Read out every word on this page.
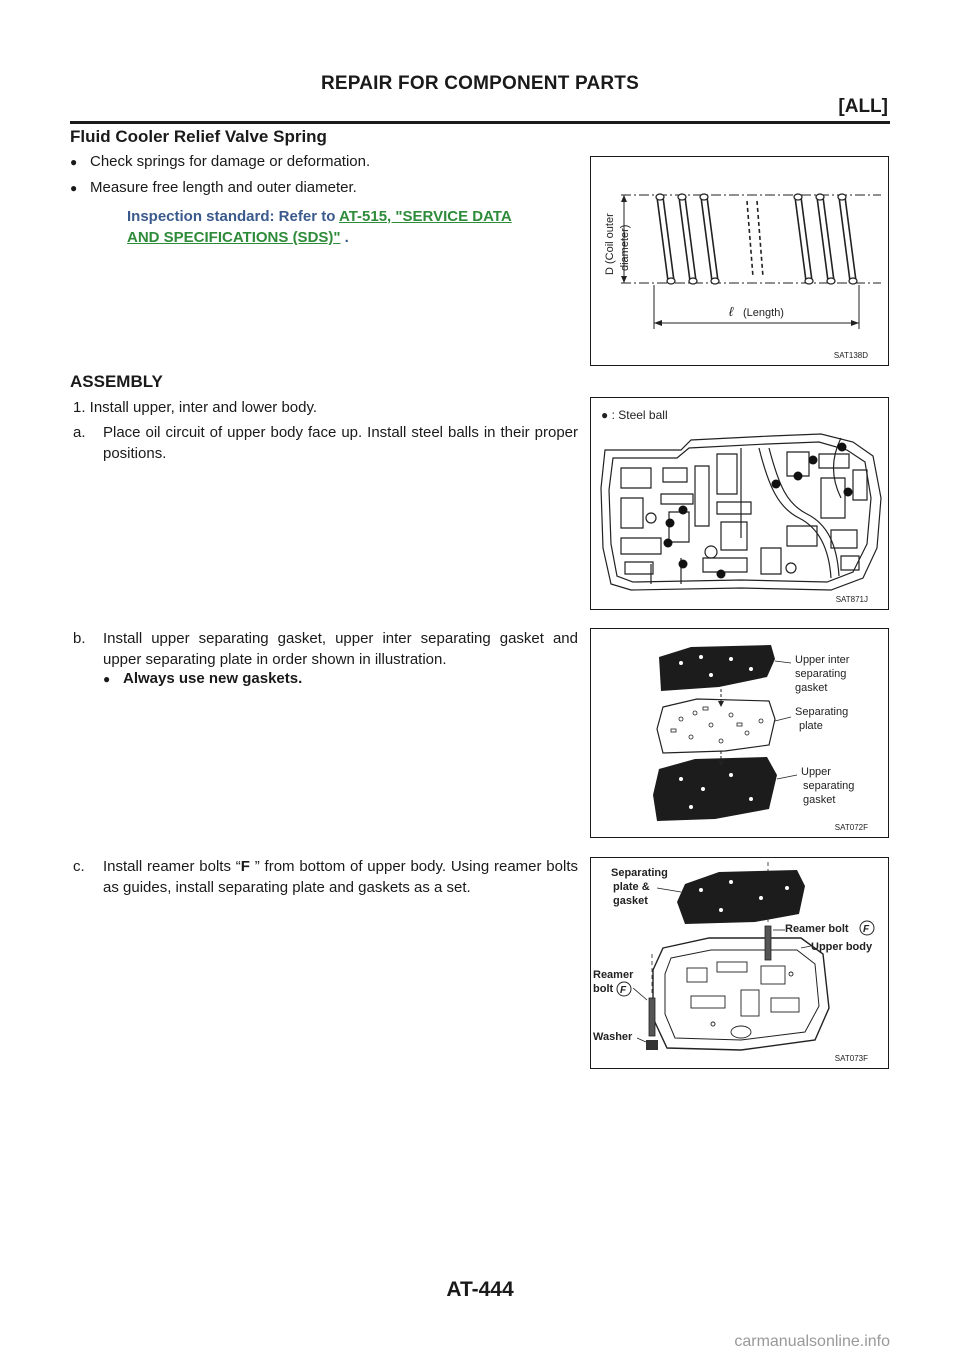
REPAIR FOR COMPONENT PARTS
[ALL]
Fluid Cooler Relief Valve Spring
● Check springs for damage or deformation.
● Measure free length and outer diameter.
Inspection standard: Refer to AT-515, "SERVICE DATA
AND SPECIFICATIONS (SDS)" .	D (Coil outer diameter)
ℓ (Length)
SAT138D
ASSEMBLY
1. Install upper, inter and lower body.
a. Place oil circuit of upper body face up. Install steel balls in their proper positions.
● : Steel ball
SAT871J
b. Install upper separating gasket, upper inter separating gasket and upper separating plate in order shown in illustration.
● Always use new gaskets.
Upper inter separating gasket
Separating plate
Upper separating gasket
SAT072F
c. Install reamer bolts “F ” from bottom of upper body. Using reamer bolts as guides, install separating plate and gaskets as a set.
Separating plate & gasket
Reamer bolt F
Upper body
Reamer bolt F
Washer
SAT073F
AT-444
carmanualsonline.info
